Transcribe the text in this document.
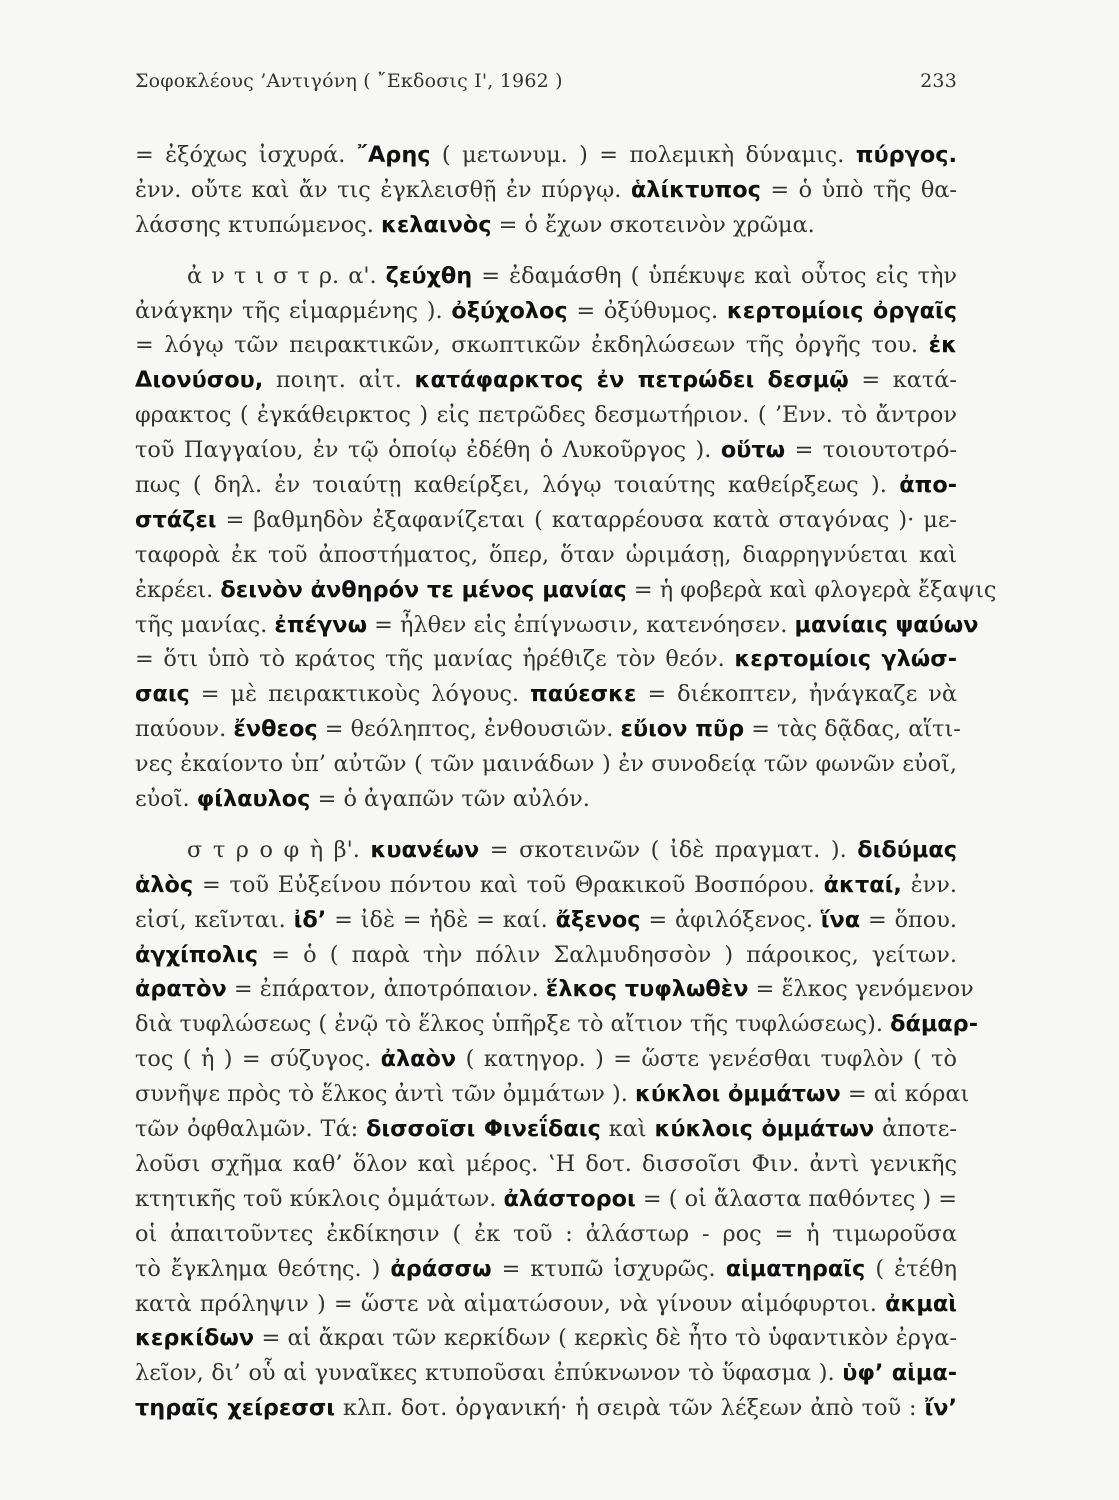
Σοφοκλέους ’Αντιγόνη ( ῎Εκδοσις Ι', 1962 )	233
= ἐξόχως ἰσχυρά. ῎Αρης ( μετωνυμ. ) = πολεμικὴ δύναμις. πύργος.
ἐνν. οὔτε καὶ ἄν τις ἐγκλεισθῇ ἐν πύργῳ. ἁλίκτυπος = ὁ ὑπὸ τῆς θα-
λάσσης κτυπώμενος. κελαινὸς = ὁ ἔχων σκοτεινὸν χρῶμα.
ἀ ν τ ι σ τ ρ. α'. ζεύχθη = ἐδαμάσθη ( ὑπέκυψε καὶ οὗτος εἰς τὴν
ἀνάγκην τῆς εἱμαρμένης ). ὀξύχολος = ὀξύθυμος. κερτομίοις ὀργαῖς
= λόγῳ τῶν πειρακτικῶν, σκωπτικῶν ἐκδηλώσεων τῆς ὀργῆς του. ἐκ
Διονύσου, ποιητ. αἰτ. κατάφαρκτος ἐν πετρώδει δεσμῷ = κατά-
φρακτος ( ἐγκάθειρκτος ) εἰς πετρῶδες δεσμωτήριον. ( ’Ενν. τὸ ἄντρον
τοῦ Παγγαίου, ἐν τῷ ὁποίῳ ἐδέθη ὁ Λυκοῦργος ). οὕτω = τοιουτοτρό-
πως ( δηλ. ἐν τοιαύτῃ καθείρξει, λόγῳ τοιαύτης καθείρξεως ). ἀπο-
στάζει = βαθμηδὸν ἐξαφανίζεται ( καταρρέουσα κατὰ σταγόνας )· με-
ταφορὰ ἐκ τοῦ ἀποστήματος, ὅπερ, ὅταν ὡριμάσῃ, διαρρηγνύεται καὶ
ἐκρέει. δεινὸν ἀνθηρόν τε μένος μανίας = ἡ φοβερὰ καὶ φλογερὰ ἔξαψις
τῆς μανίας. ἐπέγνω = ἦλθεν εἰς ἐπίγνωσιν, κατενόησεν. μανίαις ψαύων
= ὅτι ὑπὸ τὸ κράτος τῆς μανίας ἠρέθιζε τὸν θεόν. κερτομίοις γλώσ-
σαις = μὲ πειρακτικοὺς λόγους. παύεσκε = διέκοπτεν, ἠνάγκαζε νὰ
παύουν. ἔνθεος = θεόληπτος, ἐνθουσιῶν. εὔιον πῦρ = τὰς δᾷδας, αἵτι-
νες ἐκαίοντο ὑπ’ αὐτῶν ( τῶν μαινάδων ) ἐν συνοδείᾳ τῶν φωνῶν εὐοῖ,
εὐοῖ. φίλαυλος = ὁ ἀγαπῶν τῶν αὐλόν.
σ τ ρ ο φ ὴ β'. κυανέων = σκοτεινῶν ( ἰδὲ πραγματ. ). διδύμας
ἁλὸς = τοῦ Εὐξείνου πόντου καὶ τοῦ Θρακικοῦ Βοσπόρου. ἀκταί, ἐνν.
εἰσί, κεῖνται. ἰδ’ = ἰδὲ = ἠδὲ = καί. ἄξενος = ἀφιλόξενος. ἵνα = ὅπου.
ἀγχίπολις = ὁ ( παρὰ τὴν πόλιν Σαλμυδησσὸν ) πάροικος, γείτων.
ἀρατὸν = ἐπάρατον, ἀποτρόπαιον. ἕλκος τυφλωθὲν = ἕλκος γενόμενον
διὰ τυφλώσεως ( ἐνῷ τὸ ἕλκος ὑπῆρξε τὸ αἴτιον τῆς τυφλώσεως). δάμαρ-
τος ( ἡ ) = σύζυγος. ἀλαὸν ( κατηγορ. ) = ὥστε γενέσθαι τυφλὸν ( τὸ
συνῆψε πρὸς τὸ ἕλκος ἀντὶ τῶν ὀμμάτων ). κύκλοι ὀμμάτων = αἱ κόραι
τῶν ὀφθαλμῶν. Τά: δισσοῖσι Φινεΐδαις καὶ κύκλοις ὀμμάτων ἀποτε-
λοῦσι σχῆμα καθ’ ὅλον καὶ μέρος. ‛Η δοτ. δισσοῖσι Φιν. ἀντὶ γενικῆς
κτητικῆς τοῦ κύκλοις ὀμμάτων. ἀλάστοροι = ( οἱ ἄλαστα παθόντες ) =
οἱ ἀπαιτοῦντες ἐκδίκησιν ( ἐκ τοῦ : ἀλάστωρ - ρος = ἡ τιμωροῦσα
τὸ ἔγκλημα θεότης. ) ἀράσσω = κτυπῶ ἰσχυρῶς. αἱματηραῖς ( ἐτέθη
κατὰ πρόληψιν ) = ὥστε νὰ αἱματώσουν, νὰ γίνουν αἱμόφυρτοι. ἀκμαὶ
κερκίδων = αἱ ἄκραι τῶν κερκίδων ( κερκὶς δὲ ἦτο τὸ ὑφαντικὸν ἐργα-
λεῖον, δι’ οὗ αἱ γυναῖκες κτυποῦσαι ἐπύκνωνον τὸ ὕφασμα ). ὑφ’ αἱμα-
τηραῖς χείρεσσι κλπ. δοτ. ὀργανική· ἡ σειρὰ τῶν λέξεων ἀπὸ τοῦ : ἴν’
